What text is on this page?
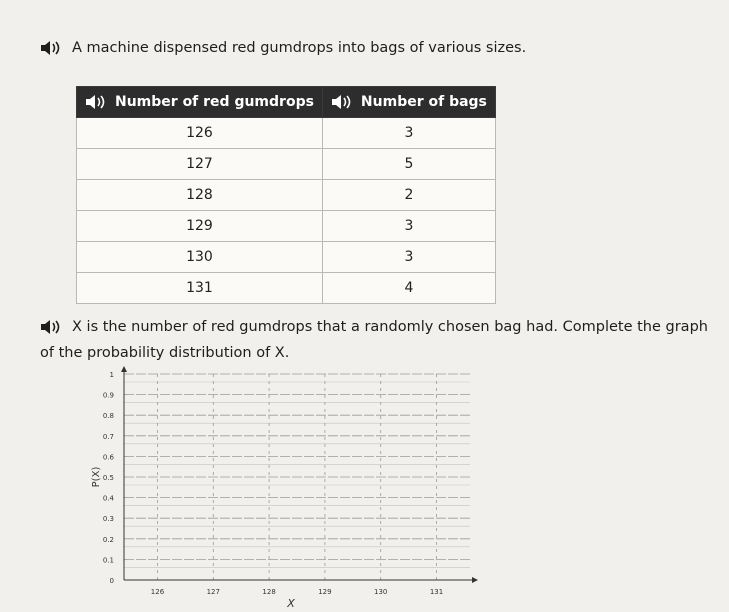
A machine dispensed red gumdrops into bags of various sizes.
Number of red gumdrops	Number of bags

126	3
127	5
128	2
129	3
130	3
131	4
X is the number of red gumdrops that a randomly chosen bag had. Complete the graph
of the probability distribution of X.
0
0.1
0.2
0.3
0.4
0.5
0.6
0.7
0.8
0.9
1
126	127	128	129	130	131
P(X)
X
